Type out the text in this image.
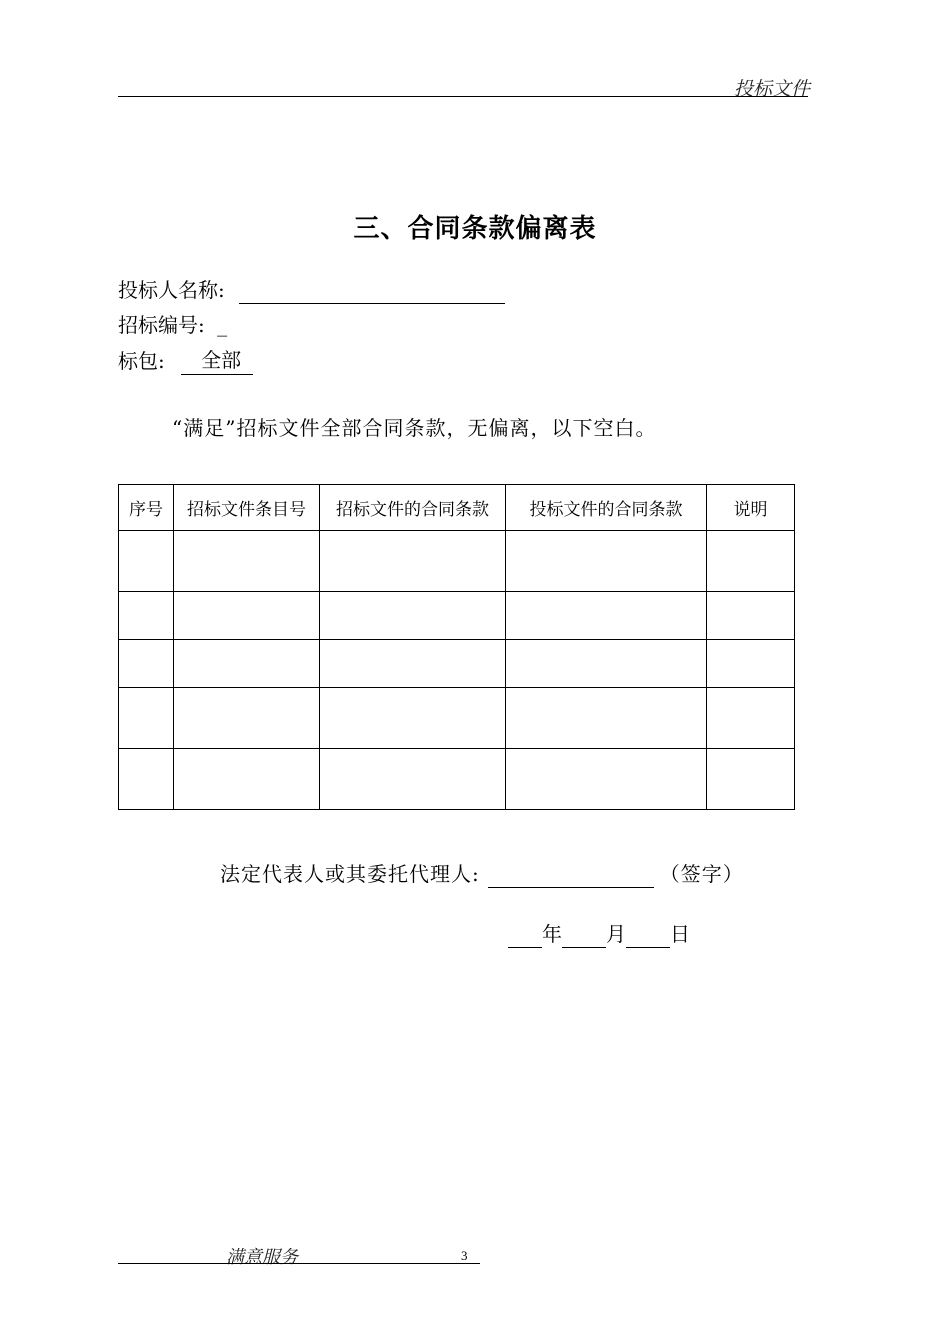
投标文件
三、合同条款偏离表
投标人名称:
招标编号: _
标包: 全部
“满足”招标文件全部合同条款，无偏离，以下空白。
序号	招标文件条目号	招标文件的合同条款	投标文件的合同条款	说明

法定代表人或其委托代理人:	（签字）
年 月 日
满意服务	3
